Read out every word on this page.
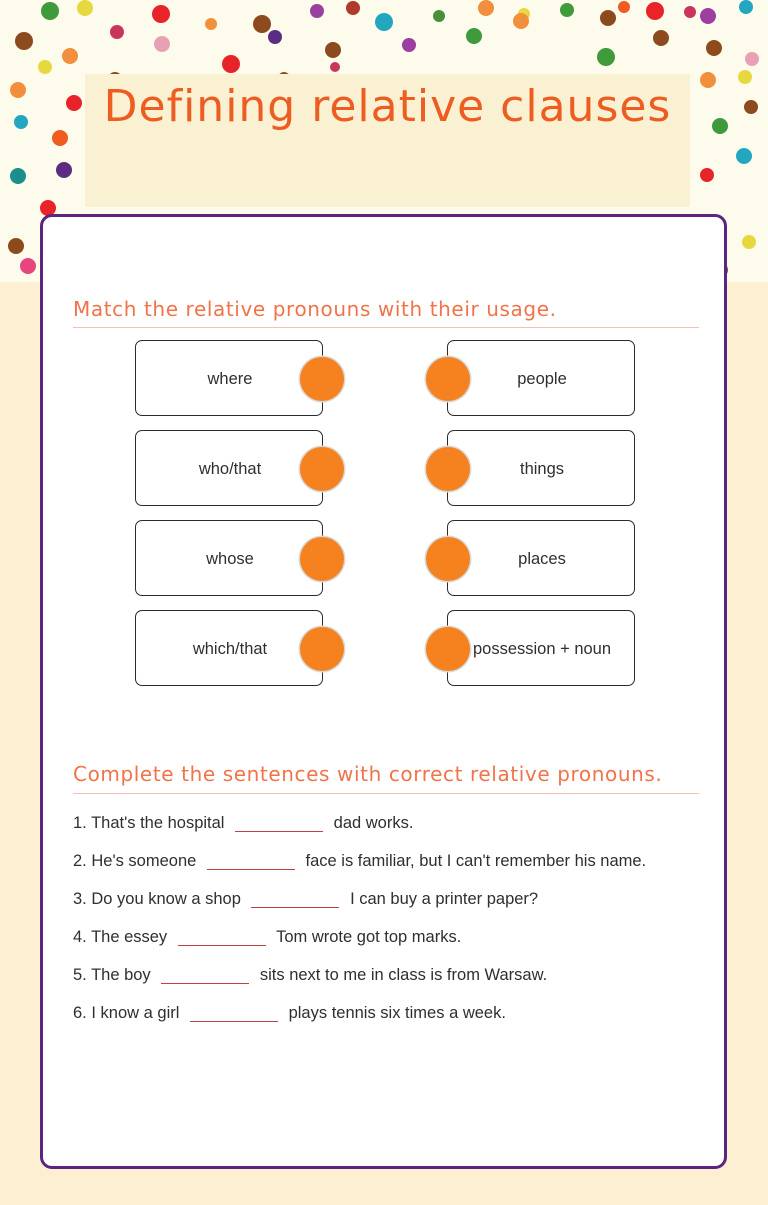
Defining relative clauses
Match the relative pronouns with their usage.
where
who/that
whose
which/that
people
things
places
possession + noun
Complete the sentences with correct relative pronouns.
1. That's the hospital	dad works.
2. He's someone	face is familiar, but I can't remember his name.
3. Do you know a shop	I can buy a printer paper?
4. The essey	Tom wrote got top marks.
5. The boy	sits next to me in class is from Warsaw.
6. I know a girl	plays tennis six times a week.
